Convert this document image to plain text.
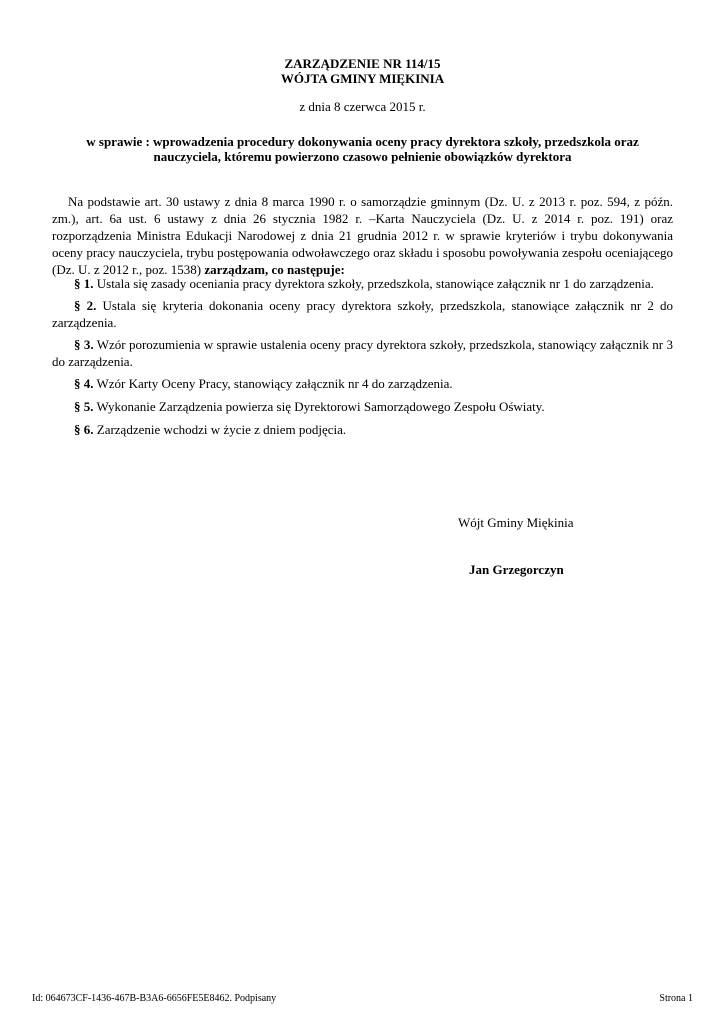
ZARZĄDZENIE NR 114/15
WÓJTA GMINY MIĘKINIA
z dnia 8 czerwca 2015 r.
w sprawie : wprowadzenia procedury dokonywania oceny pracy dyrektora szkoły, przedszkola oraz
nauczyciela, któremu powierzono czasowo pełnienie obowiązków dyrektora

Na podstawie art. 30 ustawy z dnia 8 marca 1990 r. o samorządzie gminnym (Dz. U. z 2013 r. poz. 594, z późn. zm.), art. 6a ust. 6 ustawy z dnia 26 stycznia 1982 r. –Karta Nauczyciela (Dz. U. z 2014 r. poz. 191) oraz rozporządzenia Ministra Edukacji Narodowej z dnia 21 grudnia 2012 r. w sprawie kryteriów i trybu dokonywania oceny pracy nauczyciela, trybu postępowania odwoławczego oraz składu i sposobu powoływania zespołu oceniającego (Dz. U. z 2012 r., poz. 1538) zarządzam, co następuje:

§ 1. Ustala się zasady oceniania pracy dyrektora szkoły, przedszkola, stanowiące załącznik nr 1 do zarządzenia.

§ 2. Ustala się kryteria dokonania oceny pracy dyrektora szkoły, przedszkola, stanowiące załącznik nr 2 do zarządzenia.

§ 3. Wzór porozumienia w sprawie ustalenia oceny pracy dyrektora szkoły, przedszkola, stanowiący załącznik nr 3 do zarządzenia.

§ 4. Wzór Karty Oceny Pracy, stanowiący załącznik nr 4 do zarządzenia.

§ 5. Wykonanie Zarządzenia powierza się Dyrektorowi Samorządowego Zespołu Oświaty.

§ 6. Zarządzenie wchodzi w życie z dniem podjęcia.

Wójt Gminy Miękinia
Jan Grzegorczyn
Id: 064673CF-1436-467B-B3A6-6656FE5E8462. Podpisany	Strona 1
